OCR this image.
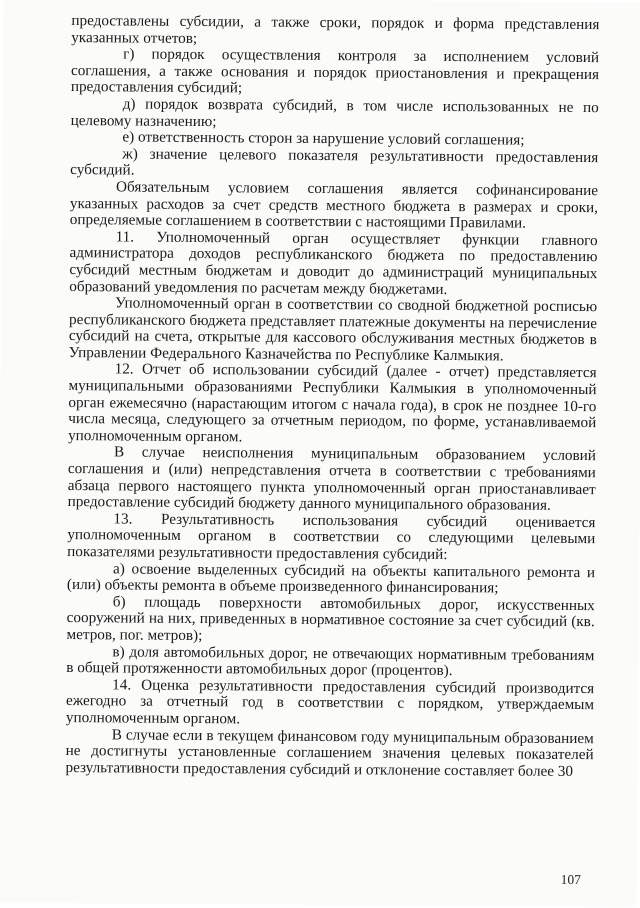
предоставлены субсидии, а также сроки, порядок и форма представления указанных отчетов;

г) порядок осуществления контроля за исполнением условий соглашения, а также основания и порядок приостановления и прекращения предоставления субсидий;

д) порядок возврата субсидий, в том числе использованных не по целевому назначению;

е) ответственность сторон за нарушение условий соглашения;

ж) значение целевого показателя результативности предоставления субсидий.

Обязательным условием соглашения является софинансирование указанных расходов за счет средств местного бюджета в размерах и сроки, определяемые соглашением в соответствии с настоящими Правилами.

11. Уполномоченный орган осуществляет функции главного администратора доходов республиканского бюджета по предоставлению субсидий местным бюджетам и доводит до администраций муниципальных образований уведомления по расчетам между бюджетами.

Уполномоченный орган в соответствии со сводной бюджетной росписью республиканского бюджета представляет платежные документы на перечисление субсидий на счета, открытые для кассового обслуживания местных бюджетов в Управлении Федерального Казначейства по Республике Калмыкия.

12. Отчет об использовании субсидий (далее - отчет) представляется муниципальными образованиями Республики Калмыкия в уполномоченный орган ежемесячно (нарастающим итогом с начала года), в срок не позднее 10-го числа месяца, следующего за отчетным периодом, по форме, устанавливаемой уполномоченным органом.

В случае неисполнения муниципальным образованием условий соглашения и (или) непредставления отчета в соответствии с требованиями абзаца первого настоящего пункта уполномоченный орган приостанавливает предоставление субсидий бюджету данного муниципального образования.

13. Результативность использования субсидий оценивается уполномоченным органом в соответствии со следующими целевыми показателями результативности предоставления субсидий:

а) освоение выделенных субсидий на объекты капитального ремонта и (или) объекты ремонта в объеме произведенного финансирования;

б) площадь поверхности автомобильных дорог, искусственных сооружений на них, приведенных в нормативное состояние за счет субсидий (кв. метров, пог. метров);

в) доля автомобильных дорог, не отвечающих нормативным требованиям в общей протяженности автомобильных дорог (процентов).

14. Оценка результативности предоставления субсидий производится ежегодно за отчетный год в соответствии с порядком, утверждаемым уполномоченным органом.

В случае если в текущем финансовом году муниципальным образованием не достигнуты установленные соглашением значения целевых показателей результативности предоставления субсидий и отклонение составляет более 30

107
